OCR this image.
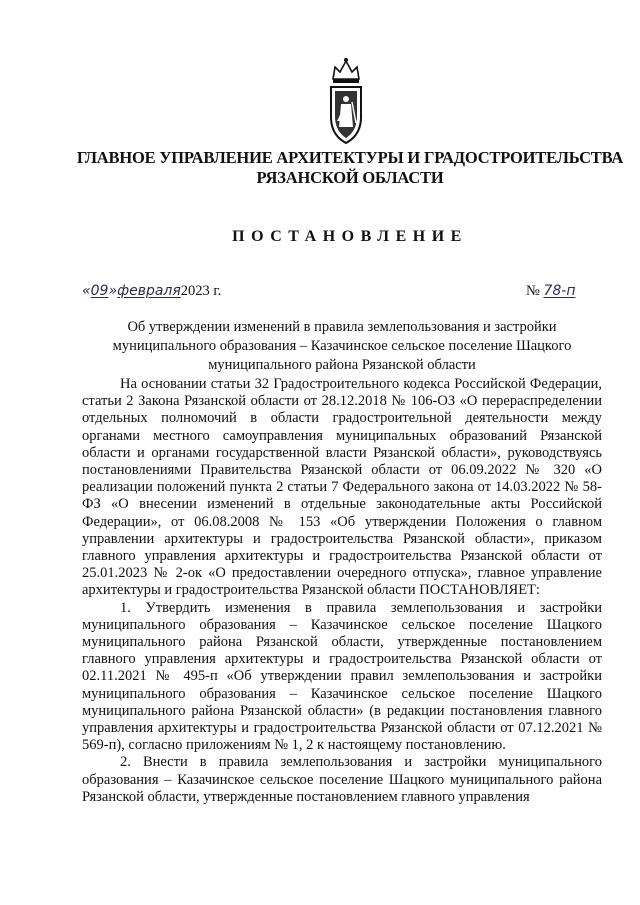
ГЛАВНОЕ УПРАВЛЕНИЕ АРХИТЕКТУРЫ И ГРАДОСТРОИТЕЛЬСТВА
РЯЗАНСКОЙ ОБЛАСТИ
ПОСТАНОВЛЕНИЕ
«09»февраля2023 г.	№ 78-п
Об утверждении изменений в правила землепользования и застройки
муниципального образования – Казачинское сельское поселение Шацкого
муниципального района Рязанской области

На основании статьи 32 Градостроительного кодекса Российской Федерации, статьи 2 Закона Рязанской области от 28.12.2018 № 106-ОЗ «О перераспределении отдельных полномочий в области градостроительной деятельности между органами местного самоуправления муниципальных образований Рязанской области и органами государственной власти Рязанской области», руководствуясь постановлениями Правительства Рязанской области от 06.09.2022 № 320 «О реализации положений пункта 2 статьи 7 Федерального закона от 14.03.2022 № 58-ФЗ «О внесении изменений в отдельные законодательные акты Российской Федерации», от 06.08.2008 № 153 «Об утверждении Положения о главном управлении архитектуры и градостроительства Рязанской области», приказом главного управления архитектуры и градостроительства Рязанской области от 25.01.2023 № 2-ок «О предоставлении очередного отпуска», главное управление архитектуры и градостроительства Рязанской области ПОСТАНОВЛЯЕТ:

1. Утвердить изменения в правила землепользования и застройки муниципального образования – Казачинское сельское поселение Шацкого муниципального района Рязанской области, утвержденные постановлением главного управления архитектуры и градостроительства Рязанской области от 02.11.2021 № 495-п «Об утверждении правил землепользования и застройки муниципального образования – Казачинское сельское поселение Шацкого муниципального района Рязанской области» (в редакции постановления главного управления архитектуры и градостроительства Рязанской области от 07.12.2021 № 569-п), согласно приложениям № 1, 2 к настоящему постановлению.

2. Внести в правила землепользования и застройки муниципального образования – Казачинское сельское поселение Шацкого муниципального района Рязанской области, утвержденные постановлением главного управления
